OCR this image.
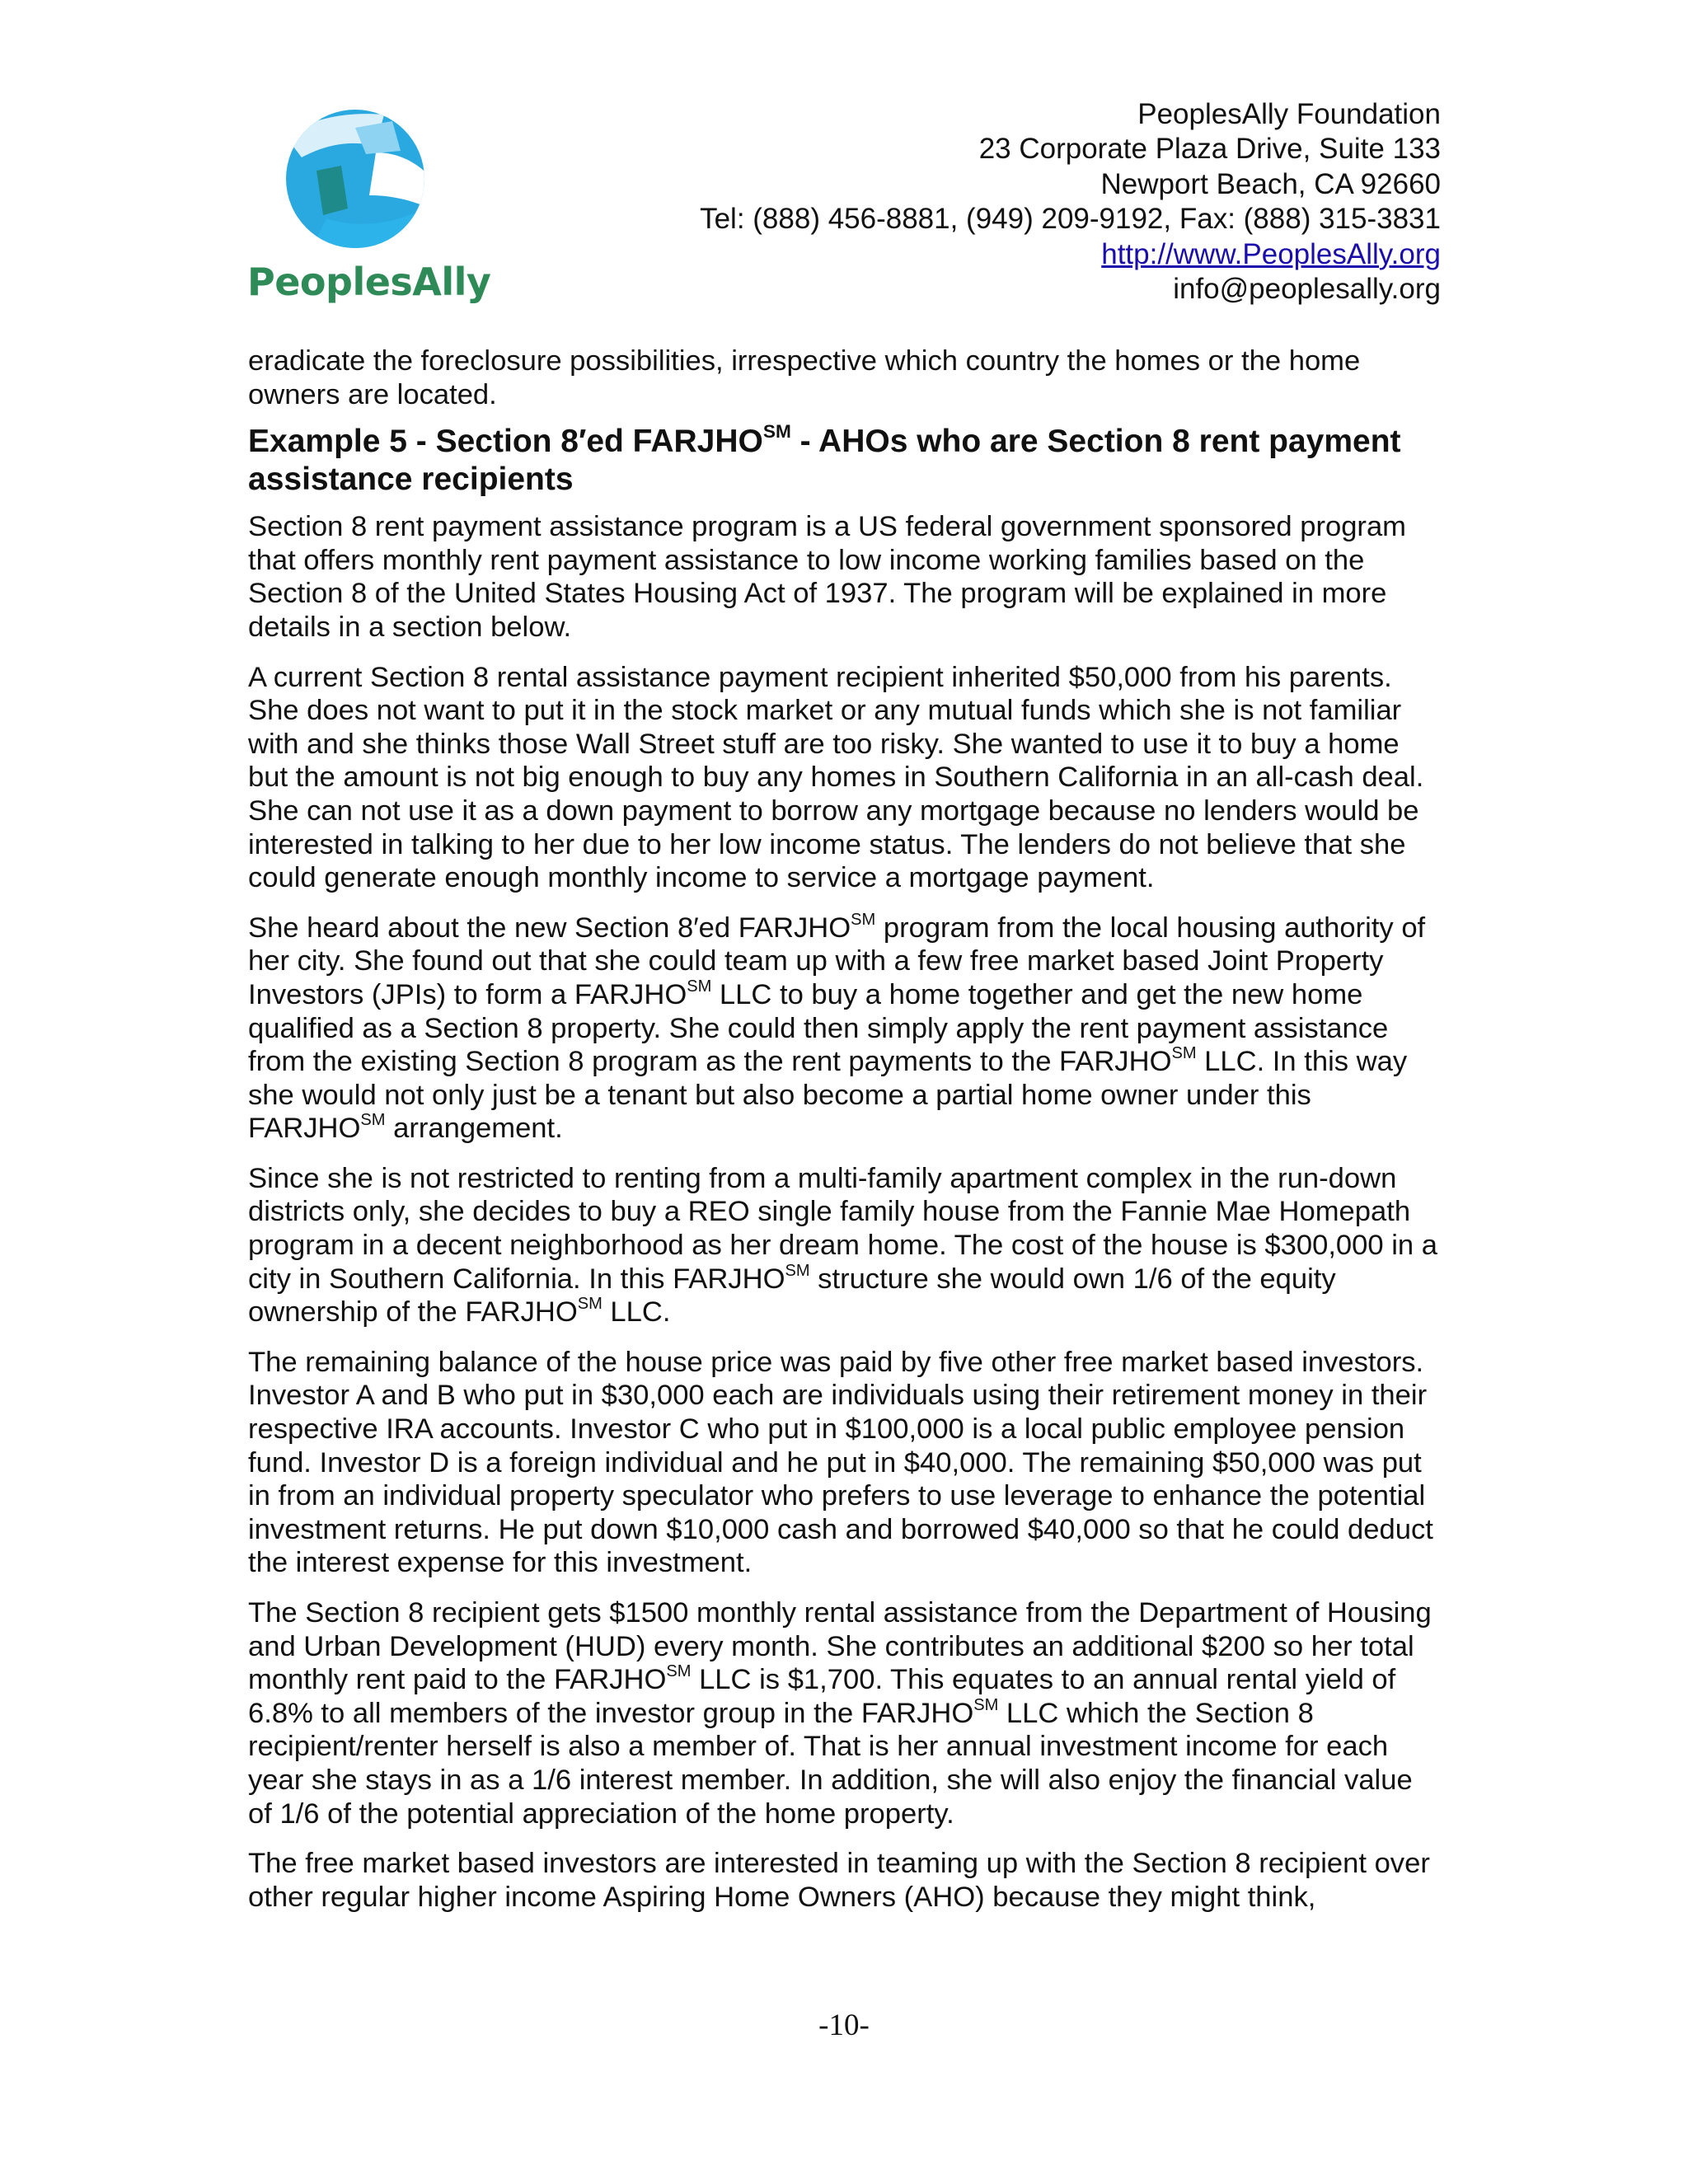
PeoplesAlly
PeoplesAlly Foundation
23 Corporate Plaza Drive, Suite 133
Newport Beach, CA 92660
Tel: (888) 456-8881, (949) 209-9192, Fax: (888) 315-3831
http://www.PeoplesAlly.org
info@peoplesally.org

eradicate the foreclosure possibilities, irrespective which country the homes or the home owners are located.

Example 5 - Section 8′ed FARJHO℠ - AHOs who are Section 8 rent payment assistance recipients

Section 8 rent payment assistance program is a US federal government sponsored program that offers monthly rent payment assistance to low income working families based on the Section 8 of the United States Housing Act of 1937. The program will be explained in more details in a section below.

A current Section 8 rental assistance payment recipient inherited $50,000 from his parents. She does not want to put it in the stock market or any mutual funds which she is not familiar with and she thinks those Wall Street stuff are too risky. She wanted to use it to buy a home but the amount is not big enough to buy any homes in Southern California in an all-cash deal. She can not use it as a down payment to borrow any mortgage because no lenders would be interested in talking to her due to her low income status. The lenders do not believe that she could generate enough monthly income to service a mortgage payment.

She heard about the new Section 8′ed FARJHO℠ program from the local housing authority of her city. She found out that she could team up with a few free market based Joint Property Investors (JPIs) to form a FARJHO℠ LLC to buy a home together and get the new home qualified as a Section 8 property. She could then simply apply the rent payment assistance from the existing Section 8 program as the rent payments to the FARJHO℠ LLC. In this way she would not only just be a tenant but also become a partial home owner under this FARJHO℠ arrangement.

Since she is not restricted to renting from a multi-family apartment complex in the run-down districts only, she decides to buy a REO single family house from the Fannie Mae Homepath program in a decent neighborhood as her dream home. The cost of the house is $300,000 in a city in Southern California. In this FARJHO℠ structure she would own 1/6 of the equity ownership of the FARJHO℠ LLC.

The remaining balance of the house price was paid by five other free market based investors. Investor A and B who put in $30,000 each are individuals using their retirement money in their respective IRA accounts. Investor C who put in $100,000 is a local public employee pension fund. Investor D is a foreign individual and he put in $40,000. The remaining $50,000 was put in from an individual property speculator who prefers to use leverage to enhance the potential investment returns. He put down $10,000 cash and borrowed $40,000 so that he could deduct the interest expense for this investment.

The Section 8 recipient gets $1500 monthly rental assistance from the Department of Housing and Urban Development (HUD) every month. She contributes an additional $200 so her total monthly rent paid to the FARJHO℠ LLC is $1,700. This equates to an annual rental yield of 6.8% to all members of the investor group in the FARJHO℠ LLC which the Section 8 recipient/renter herself is also a member of. That is her annual investment income for each year she stays in as a 1/6 interest member. In addition, she will also enjoy the financial value of 1/6 of the potential appreciation of the home property.

The free market based investors are interested in teaming up with the Section 8 recipient over other regular higher income Aspiring Home Owners (AHO) because they might think,

-10-
